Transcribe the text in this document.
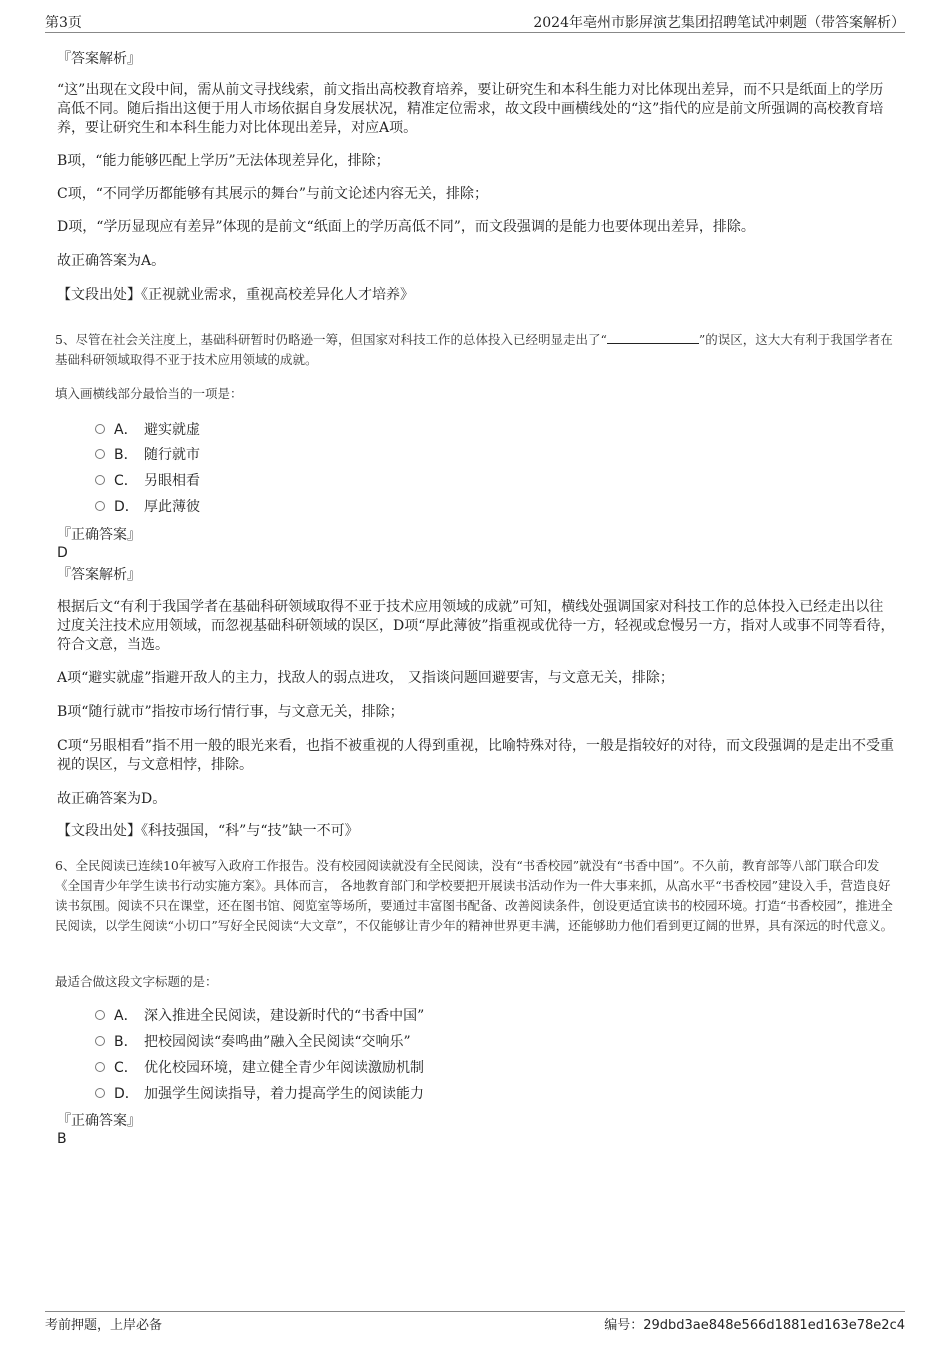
第3页	2024年亳州市影屏演艺集团招聘笔试冲刺题（带答案解析）

『答案解析』

“这”出现在文段中间，需从前文寻找线索，前文指出高校教育培养，要让研究生和本科生能力对比体现出差异，而不只是纸面上的学历高低不同。随后指出这便于用人市场依据自身发展状况，精准定位需求，故文段中画横线处的“这”指代的应是前文所强调的高校教育培养，要让研究生和本科生能力对比体现出差异，对应A项。

B项，“能力能够匹配上学历”无法体现差异化，排除；

C项，“不同学历都能够有其展示的舞台”与前文论述内容无关，排除；

D项，“学历显现应有差异”体现的是前文“纸面上的学历高低不同”，而文段强调的是能力也要体现出差异，排除。

故正确答案为A。

【文段出处】《正视就业需求，重视高校差异化人才培养》

5、尽管在社会关注度上，基础科研暂时仍略逊一筹，但国家对科技工作的总体投入已经明显走出了“	”的误区，这大大有利于我国学者在基础科研领域取得不亚于技术应用领域的成就。

填入画横线部分最恰当的一项是：

A． 避实就虚
B． 随行就市
C． 另眼相看
D． 厚此薄彼

『正确答案』

D

『答案解析』

根据后文“有利于我国学者在基础科研领域取得不亚于技术应用领域的成就”可知，横线处强调国家对科技工作的总体投入已经走出以往过度关注技术应用领域，而忽视基础科研领域的误区，D项“厚此薄彼”指重视或优待一方，轻视或怠慢另一方，指对人或事不同等看待，符合文意，当选。

A项“避实就虚”指避开敌人的主力，找敌人的弱点进攻， 又指谈问题回避要害，与文意无关，排除；

B项“随行就市”指按市场行情行事，与文意无关，排除；

C项“另眼相看”指不用一般的眼光来看，也指不被重视的人得到重视，比喻特殊对待，一般是指较好的对待，而文段强调的是走出不受重视的误区，与文意相悖，排除。

故正确答案为D。

【文段出处】《科技强国，“科”与“技”缺一不可》

6、全民阅读已连续10年被写入政府工作报告。没有校园阅读就没有全民阅读，没有“书香校园”就没有“书香中国”。不久前，教育部等八部门联合印发《全国青少年学生读书行动实施方案》。具体而言， 各地教育部门和学校要把开展读书活动作为一件大事来抓，从高水平“书香校园”建设入手，营造良好读书氛围。阅读不只在课堂，还在图书馆、阅览室等场所，要通过丰富图书配备、改善阅读条件，创设更适宜读书的校园环境。打造“书香校园”，推进全民阅读，以学生阅读“小切口”写好全民阅读“大文章”，不仅能够让青少年的精神世界更丰满，还能够助力他们看到更辽阔的世界，具有深远的时代意义。

最适合做这段文字标题的是：

A． 深入推进全民阅读，建设新时代的“书香中国”
B． 把校园阅读“奏鸣曲”融入全民阅读“交响乐”
C． 优化校园环境，建立健全青少年阅读激励机制
D． 加强学生阅读指导，着力提高学生的阅读能力

『正确答案』

B

考前押题，上岸必备	编号：29dbd3ae848e566d1881ed163e78e2c4
